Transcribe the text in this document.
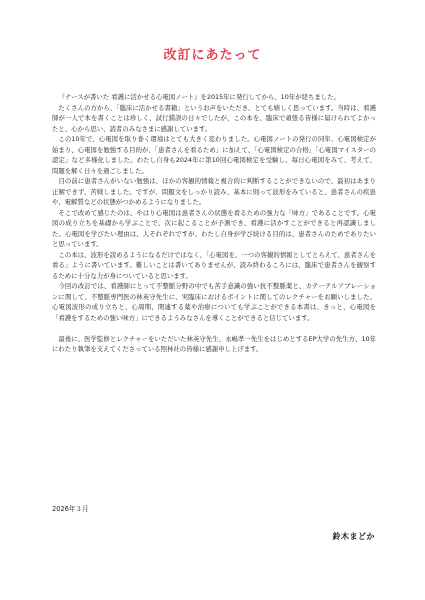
改訂にあたって

『ナースが書いた 看護に活かせる心電図ノート』を2015年に発行してから、10年が経ちました。

たくさんの方から、「臨床に活かせる書籍」というお声をいただき、とても嬉しく思っています。当時は、看護師が一人で本を書くことは珍しく、試行錯誤の日々でしたが、この本を、臨床で頑張る皆様に届けられてよかったと、心から思い、読者のみなさまに感謝しています。

この10年で、心電図を取り巻く環境はとても大きく変わりました。心電図ノートの発行の同年、心電図検定が始まり、心電図を勉強する目的が、「患者さんを看るため」に加えて、「心電図検定の合格」「心電図マイスターの認定」など多様化しました。わたし自身も2024年に第10回心電図検定を受験し、毎日心電図をみて、考えて、問題を解く日々を過ごしました。

目の前に患者さんがいない勉強は、ほかの客観的情報と複合的に判断することができないので、最初はあまり正解できず、苦戦しました。ですが、問題文をしっかり読み、基本に則って波形をみていると、患者さんの疾患や、電解質などの状態がつかめるようになりました。

そこで改めて感じたのは、やはり心電図は患者さんの状態を看るための強力な「味方」であることです。心電図の成り立ちを基礎から学ぶことで、次に起こることが予測でき、看護に活かすことができると再認識しました。心電図を学びたい理由は、人それぞれですが、わたし自身が学び続ける目的は、患者さんのためでありたいと思っています。

この本は、波形を読めるようになるだけではなく、「心電図を、一つの客観的情報としてとらえて、患者さんを看る」ように書いています。難しいことは書いてありませんが、読み終わるころには、臨床で患者さんを観察するために十分な力が身についていると思います。

今回の改訂では、看護師にとって不整脈分野の中でも苦手意識の強い抗不整脈薬と、カテーテルアブレーションに関して、不整脈専門医の林英守先生に、実臨床におけるポイントに関してのレクチャーをお願いしました。心電図波形の成り立ちと、心周期、関連する薬や治療についても学ぶことができる本書は、きっと、心電図を「看護をするための強い味方」にできるようみなさんを導くことができると信じています。

最後に、医学監修とレクチャーをいただいた林英守先生、永嶋孝一先生をはじめとするEP大学の先生方、10年にわたり執筆を支えてくださっている照林社の皆様に感謝申し上げます。

2026年３月
鈴木まどか
